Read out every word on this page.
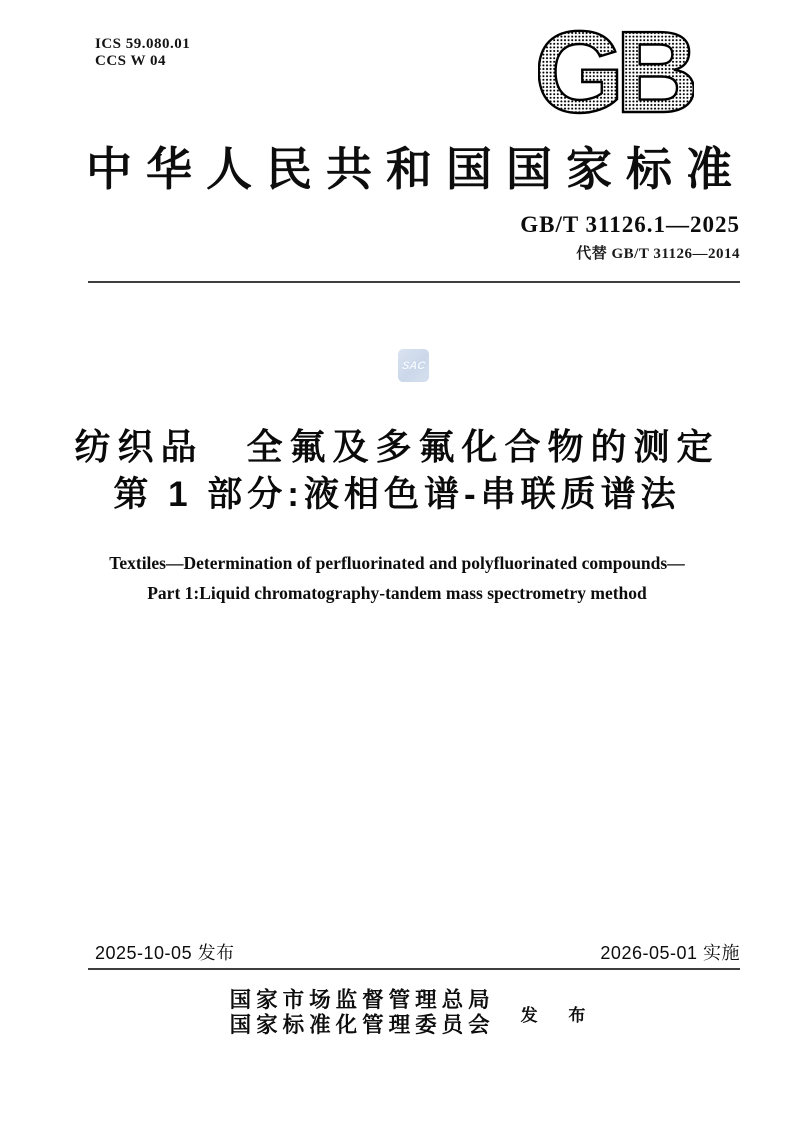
ICS 59.080.01
CCS W 04	GB
中华人民共和国国家标准
GB/T 31126.1—2025
代替 GB/T 31126—2014
SAC
纺织品　全氟及多氟化合物的测定
第 1 部分:液相色谱-串联质谱法
Textiles—Determination of perfluorinated and polyfluorinated compounds—
Part 1:Liquid chromatography-tandem mass spectrometry method
2025-10-05 发布	2026-05-01 实施
国家市场监督管理总局
国家标准化管理委员会 发 布
